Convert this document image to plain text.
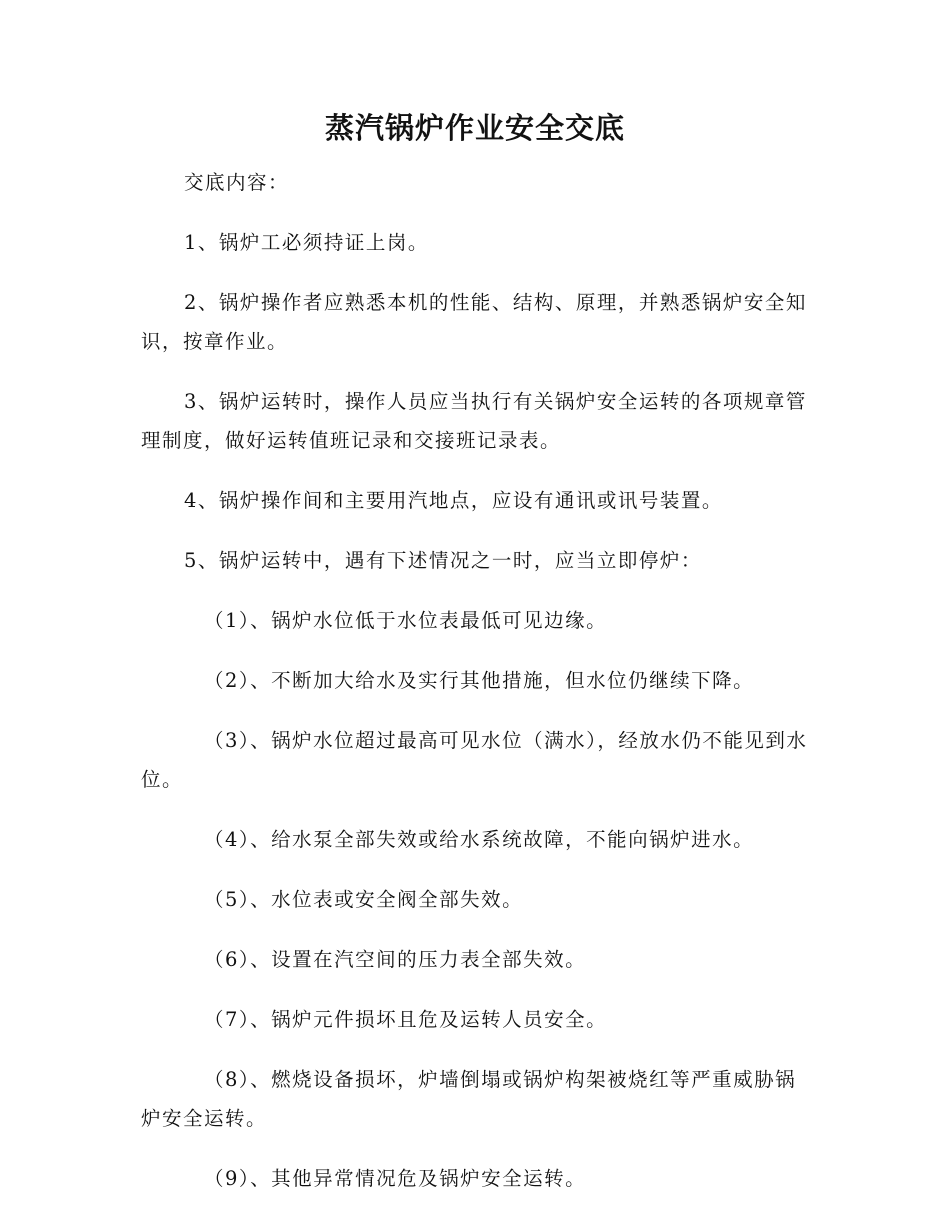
蒸汽锅炉作业安全交底

交底内容：

1、锅炉工必须持证上岗。

2、锅炉操作者应熟悉本机的性能、结构、原理，并熟悉锅炉安全知识，按章作业。

3、锅炉运转时，操作人员应当执行有关锅炉安全运转的各项规章管理制度，做好运转值班记录和交接班记录表。

4、锅炉操作间和主要用汽地点，应设有通讯或讯号装置。

5、锅炉运转中，遇有下述情况之一时，应当立即停炉：

（1）、锅炉水位低于水位表最低可见边缘。

（2）、不断加大给水及实行其他措施，但水位仍继续下降。

（3）、锅炉水位超过最高可见水位（满水），经放水仍不能见到水位。

（4）、给水泵全部失效或给水系统故障，不能向锅炉进水。

（5）、水位表或安全阀全部失效。

（6）、设置在汽空间的压力表全部失效。

（7）、锅炉元件损坏且危及运转人员安全。

（8）、燃烧设备损坏，炉墙倒塌或锅炉构架被烧红等严重威胁锅炉安全运转。

（9）、其他异常情况危及锅炉安全运转。
